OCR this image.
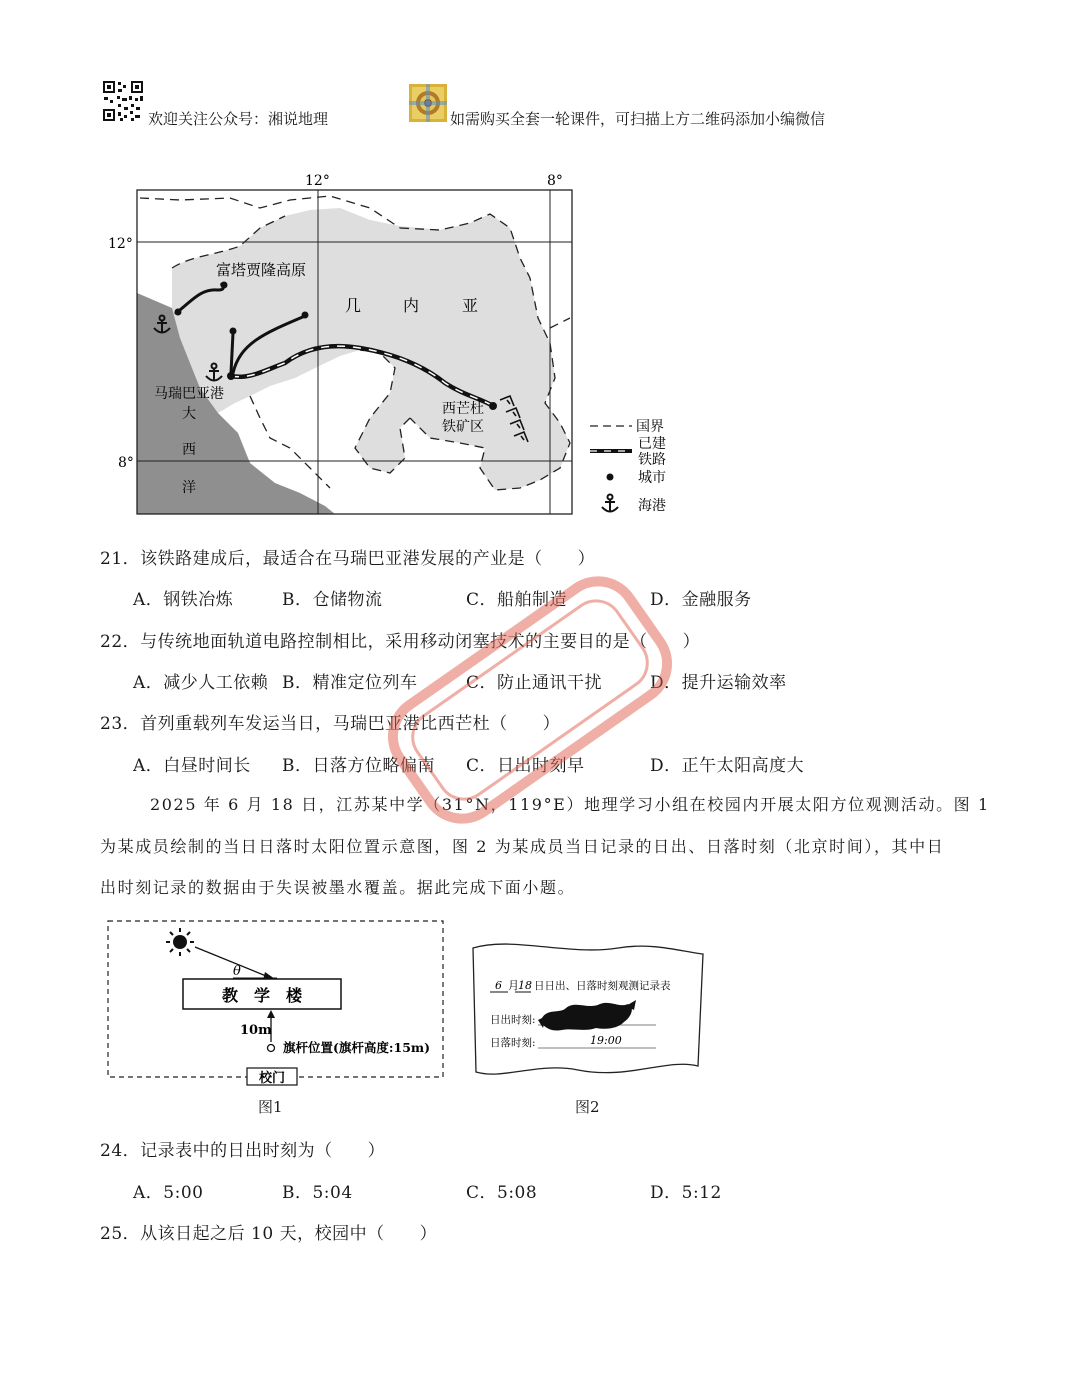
欢迎关注公众号：湘说地理	如需购买全套一轮课件，可扫描上方二维码添加小编微信
12°	8°
12°
8°
富塔贾隆高原
几	内	亚
马瑞巴亚港
大
西
洋
西芒杜
铁矿区	国界
已建
铁路
城市
海港
21．该铁路建成后，最适合在马瑞巴亚港发展的产业是（　　）
A．钢铁冶炼	B．仓储物流	C．船舶制造	D．金融服务
22．与传统地面轨道电路控制相比，采用移动闭塞技术的主要目的是（　　）
A．减少人工依赖 B．精准定位列车	C．防止通讯干扰	D．提升运输效率
23．首列重载列车发运当日，马瑞巴亚港比西芒杜（　　）
A．白昼时间长 B．日落方位略偏南 C．日出时刻早	D．正午太阳高度大
2025 年 6 月 18 日，江苏某中学（31°N，119°E）地理学习小组在校园内开展太阳方位观测活动。图 1
为某成员绘制的当日日落时太阳位置示意图，图 2 为某成员当日记录的日出、日落时刻（北京时间），其中日
出时刻记录的数据由于失误被墨水覆盖。据此完成下面小题。
θ
教　学　楼
10m
旗杆位置(旗杆高度:15m)
校门
图1
6 月 18 日日出、日落时刻观测记录表
日出时刻:
日落时刻:	19:00
图2
24．记录表中的日出时刻为（　　）
A．5:00	B．5:04	C．5:08	D．5:12
25．从该日起之后 10 天，校园中（　　）
